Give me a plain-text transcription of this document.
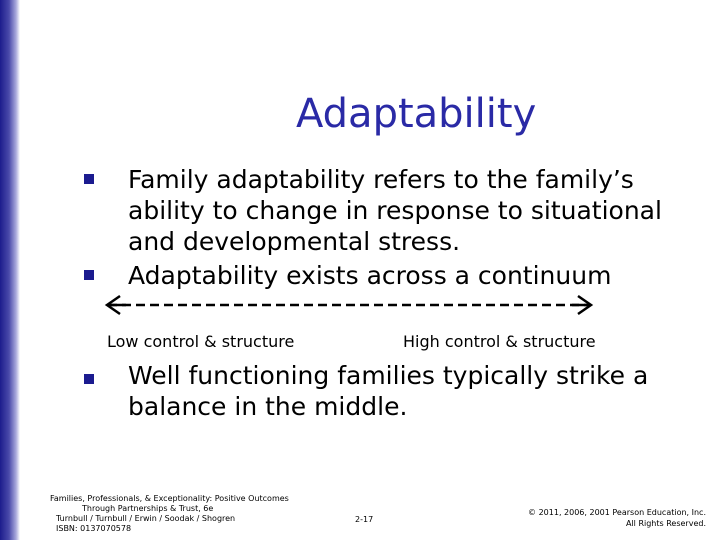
Adaptability
Family adaptability refers to the family’s
ability to change in response to situational
and developmental stress.
Adaptability exists across a continuum
Low control & structure	High control & structure
Well functioning families typically strike a
balance in the middle.
Families, Professionals, & Exceptionality: Positive Outcomes
Through Partnerships & Trust, 6e
Turnbull / Turnbull / Erwin / Soodak / Shogren
ISBN: 0137070578
2-17
© 2011, 2006, 2001 Pearson Education, Inc.
All Rights Reserved.
